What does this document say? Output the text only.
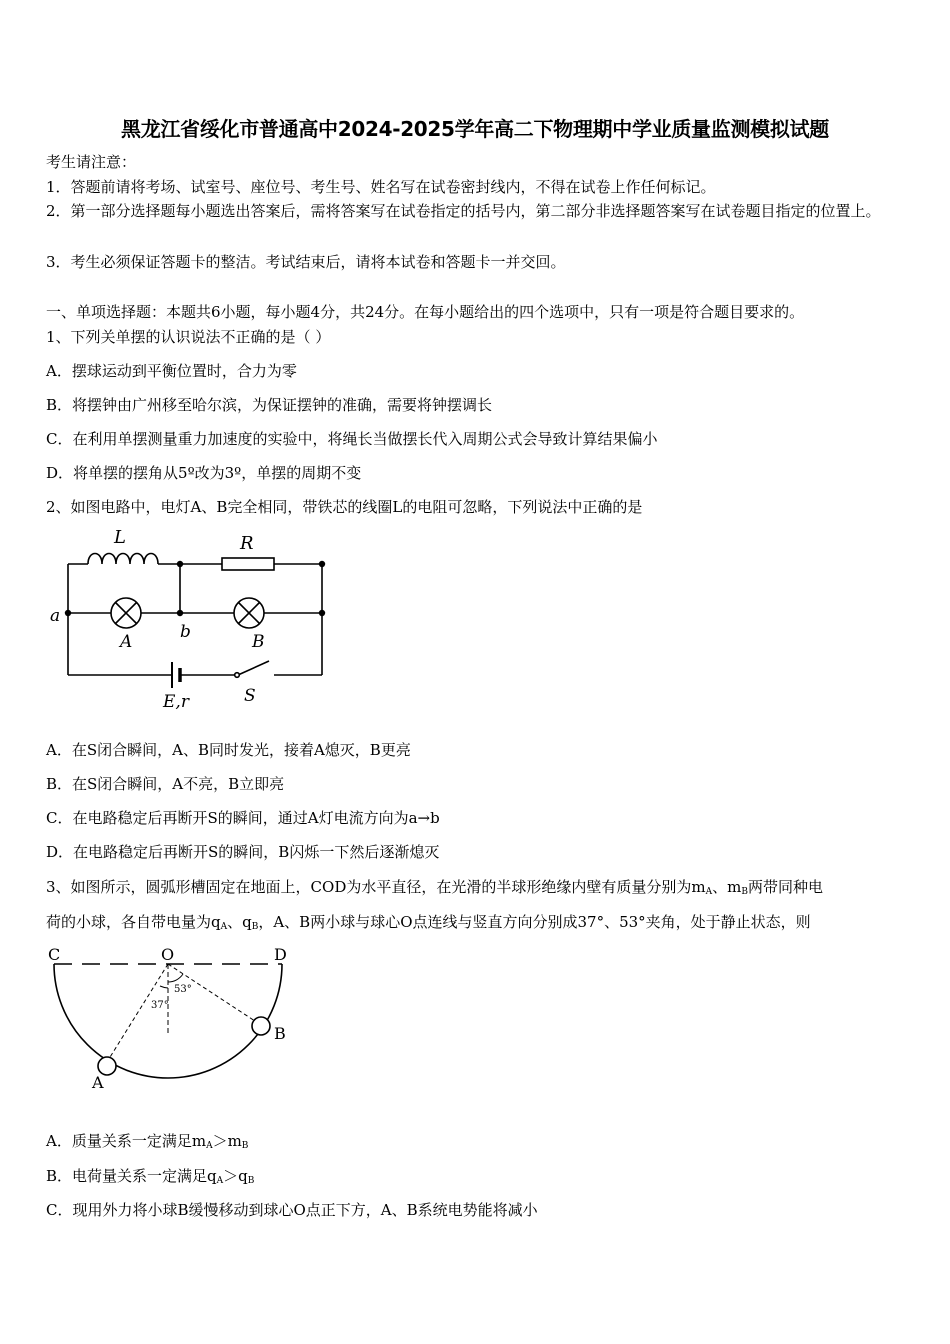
黑龙江省绥化市普通高中2024-2025学年高二下物理期中学业质量监测模拟试题
考生请注意：
1．答题前请将考场、试室号、座位号、考生号、姓名写在试卷密封线内，不得在试卷上作任何标记。
2．第一部分选择题每小题选出答案后，需将答案写在试卷指定的括号内，第二部分非选择题答案写在试卷题目指定的位置上。
3．考生必须保证答题卡的整洁。考试结束后，请将本试卷和答题卡一并交回。
一、单项选择题：本题共6小题，每小题4分，共24分。在每小题给出的四个选项中，只有一项是符合题目要求的。
1、下列关单摆的认识说法不正确的是（ ）
A．摆球运动到平衡位置时，合力为零
B．将摆钟由广州移至哈尔滨，为保证摆钟的准确，需要将钟摆调长
C．在利用单摆测量重力加速度的实验中，将绳长当做摆长代入周期公式会导致计算结果偏小
D．将单摆的摆角从5º改为3º，单摆的周期不变
2、如图电路中，电灯A、B完全相同，带铁芯的线圈L的电阻可忽略，下列说法中正确的是
L	R
a
b
A	B
E,r	S
A．在S闭合瞬间，A、B同时发光，接着A熄灭，B更亮
B．在S闭合瞬间，A不亮，B立即亮
C．在电路稳定后再断开S的瞬间，通过A灯电流方向为a→b
D．在电路稳定后再断开S的瞬间，B闪烁一下然后逐渐熄灭
3、如图所示，圆弧形槽固定在地面上，COD为水平直径，在光滑的半球形绝缘内壁有质量分别为$m_A$、$m_B$两带同种电
荷的小球，各自带电量为$q_A$、$q_B$，A、B两小球与球心O点连线与竖直方向分别成37°、53°夹角，处于静止状态，则
C	O	D
A
B
37°
53°
A．质量关系一定满足$m_A>m_B$
B．电荷量关系一定满足$q_A>q_B$
C．现用外力将小球B缓慢移动到球心O点正下方，A、B系统电势能将减小
